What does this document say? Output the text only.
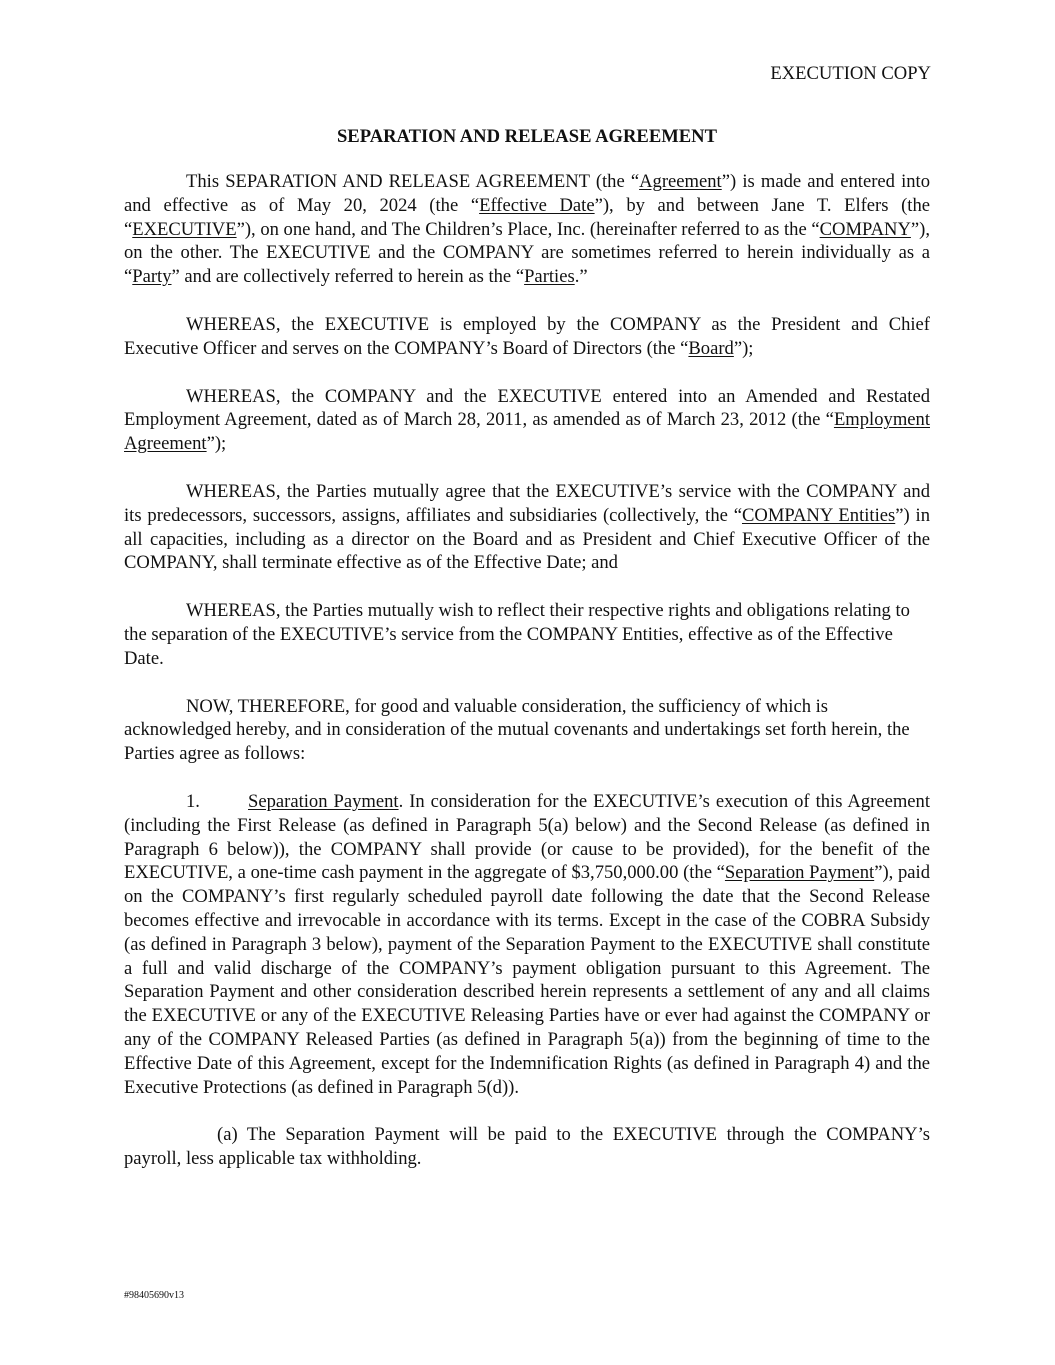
EXECUTION COPY
SEPARATION AND RELEASE AGREEMENT

This SEPARATION AND RELEASE AGREEMENT (the “Agreement”) is made and entered into and effective as of May 20, 2024 (the “Effective Date”), by and between Jane T. Elfers (the “EXECUTIVE”), on one hand, and The Children’s Place, Inc. (hereinafter referred to as the “COMPANY”), on the other. The EXECUTIVE and the COMPANY are sometimes referred to herein individually as a “Party” and are collectively referred to herein as the “Parties.”

WHEREAS, the EXECUTIVE is employed by the COMPANY as the President and Chief Executive Officer and serves on the COMPANY’s Board of Directors (the “Board”);

WHEREAS, the COMPANY and the EXECUTIVE entered into an Amended and Restated Employment Agreement, dated as of March 28, 2011, as amended as of March 23, 2012 (the “Employment Agreement”);

WHEREAS, the Parties mutually agree that the EXECUTIVE’s service with the COMPANY and its predecessors, successors, assigns, affiliates and subsidiaries (collectively, the “COMPANY Entities”) in all capacities, including as a director on the Board and as President and Chief Executive Officer of the COMPANY, shall terminate effective as of the Effective Date; and

WHEREAS, the Parties mutually wish to reflect their respective rights and obligations relating to the separation of the EXECUTIVE’s service from the COMPANY Entities, effective as of the Effective Date.

NOW, THEREFORE, for good and valuable consideration, the sufficiency of which is acknowledged hereby, and in consideration of the mutual covenants and undertakings set forth herein, the Parties agree as follows:

1.	Separation Payment. In consideration for the EXECUTIVE’s execution of this Agreement (including the First Release (as defined in Paragraph 5(a) below) and the Second Release (as defined in Paragraph 6 below)), the COMPANY shall provide (or cause to be provided), for the benefit of the EXECUTIVE, a one-time cash payment in the aggregate of $3,750,000.00 (the “Separation Payment”), paid on the COMPANY’s first regularly scheduled payroll date following the date that the Second Release becomes effective and irrevocable in accordance with its terms. Except in the case of the COBRA Subsidy (as defined in Paragraph 3 below), payment of the Separation Payment to the EXECUTIVE shall constitute a full and valid discharge of the COMPANY’s payment obligation pursuant to this Agreement. The Separation Payment and other consideration described herein represents a settlement of any and all claims the EXECUTIVE or any of the EXECUTIVE Releasing Parties have or ever had against the COMPANY or any of the COMPANY Released Parties (as defined in Paragraph 5(a)) from the beginning of time to the Effective Date of this Agreement, except for the Indemnification Rights (as defined in Paragraph 4) and the Executive Protections (as defined in Paragraph 5(d)).

(a) The Separation Payment will be paid to the EXECUTIVE through the COMPANY’s payroll, less applicable tax withholding.

#98405690v13
